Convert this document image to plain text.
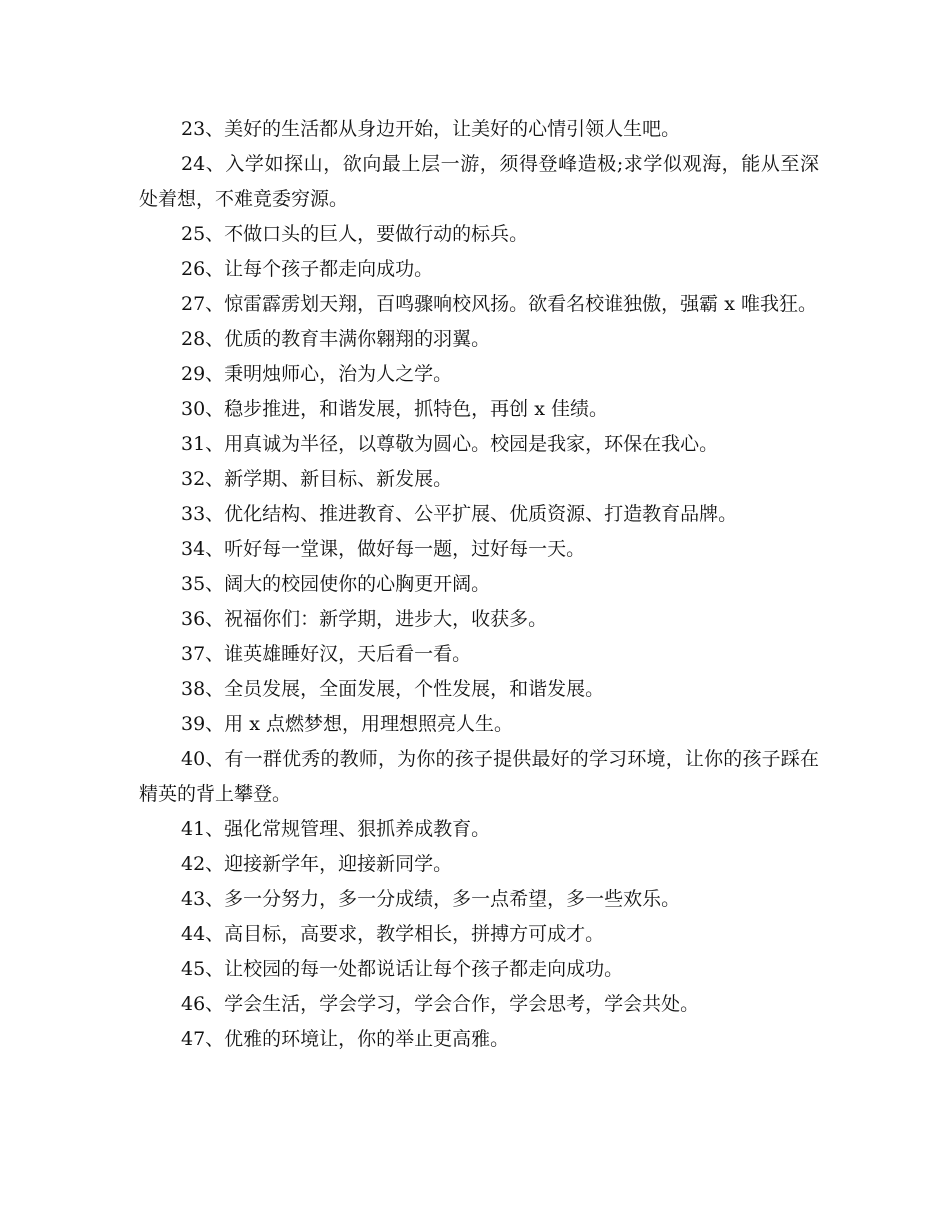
23、美好的生活都从身边开始，让美好的心情引领人生吧。

24、入学如探山，欲向最上层一游，须得登峰造极;求学似观海，能从至深处着想，不难竟委穷源。

25、不做口头的巨人，要做行动的标兵。

26、让每个孩子都走向成功。

27、惊雷霹雳划天翔，百鸣骤响校风扬。欲看名校谁独傲，强霸 x 唯我狂。

28、优质的教育丰满你翱翔的羽翼。

29、秉明烛师心，治为人之学。

30、稳步推进，和谐发展，抓特色，再创 x 佳绩。

31、用真诚为半径，以尊敬为圆心。校园是我家，环保在我心。

32、新学期、新目标、新发展。

33、优化结构、推进教育、公平扩展、优质资源、打造教育品牌。

34、听好每一堂课，做好每一题，过好每一天。

35、阔大的校园使你的心胸更开阔。

36、祝福你们：新学期，进步大，收获多。

37、谁英雄睡好汉，天后看一看。

38、全员发展，全面发展，个性发展，和谐发展。

39、用 x 点燃梦想，用理想照亮人生。

40、有一群优秀的教师，为你的孩子提供最好的学习环境，让你的孩子踩在精英的背上攀登。

41、强化常规管理、狠抓养成教育。

42、迎接新学年，迎接新同学。

43、多一分努力，多一分成绩，多一点希望，多一些欢乐。

44、高目标，高要求，教学相长，拼搏方可成才。

45、让校园的每一处都说话让每个孩子都走向成功。

46、学会生活，学会学习，学会合作，学会思考，学会共处。

47、优雅的环境让，你的举止更高雅。
